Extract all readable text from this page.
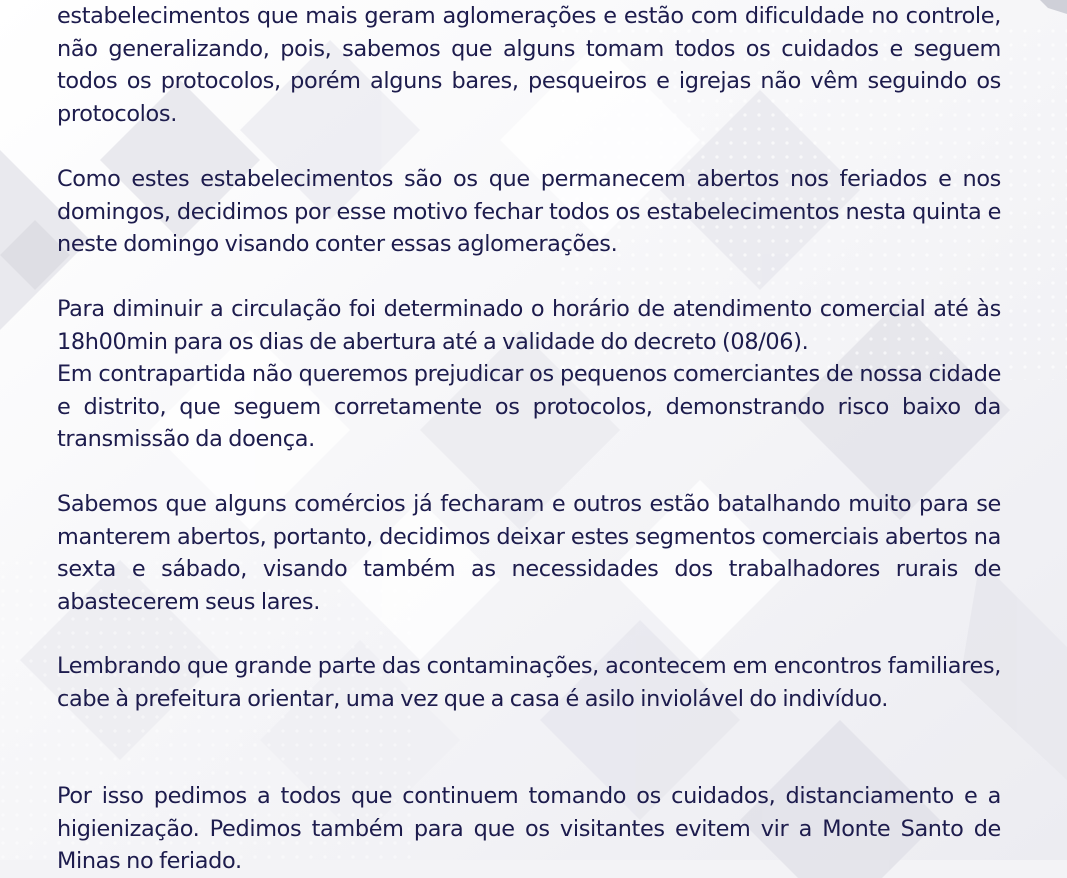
estabelecimentos que mais geram aglomerações e estão com dificuldade no controle, não generalizando, pois, sabemos que alguns tomam todos os cuidados e seguem todos os protocolos, porém alguns bares, pesqueiros e igrejas não vêm seguindo os protocolos.

Como estes estabelecimentos são os que permanecem abertos nos feriados e nos domingos, decidimos por esse motivo fechar todos os estabelecimentos nesta quinta e neste domingo visando conter essas aglomerações.

Para diminuir a circulação foi determinado o horário de atendimento comercial até às 18h00min para os dias de abertura até a validade do decreto (08/06).
Em contrapartida não queremos prejudicar os pequenos comerciantes de nossa cidade e distrito, que seguem corretamente os protocolos, demonstrando risco baixo da transmissão da doença.

Sabemos que alguns comércios já fecharam e outros estão batalhando muito para se manterem abertos, portanto, decidimos deixar estes segmentos comerciais abertos na sexta e sábado, visando também as necessidades dos trabalhadores rurais de abastecerem seus lares.

Lembrando que grande parte das contaminações, acontecem em encontros familiares, cabe à prefeitura orientar, uma vez que a casa é asilo inviolável do indivíduo.

Por isso pedimos a todos que continuem tomando os cuidados, distanciamento e a higienização. Pedimos também para que os visitantes evitem vir a Monte Santo de Minas no feriado.
